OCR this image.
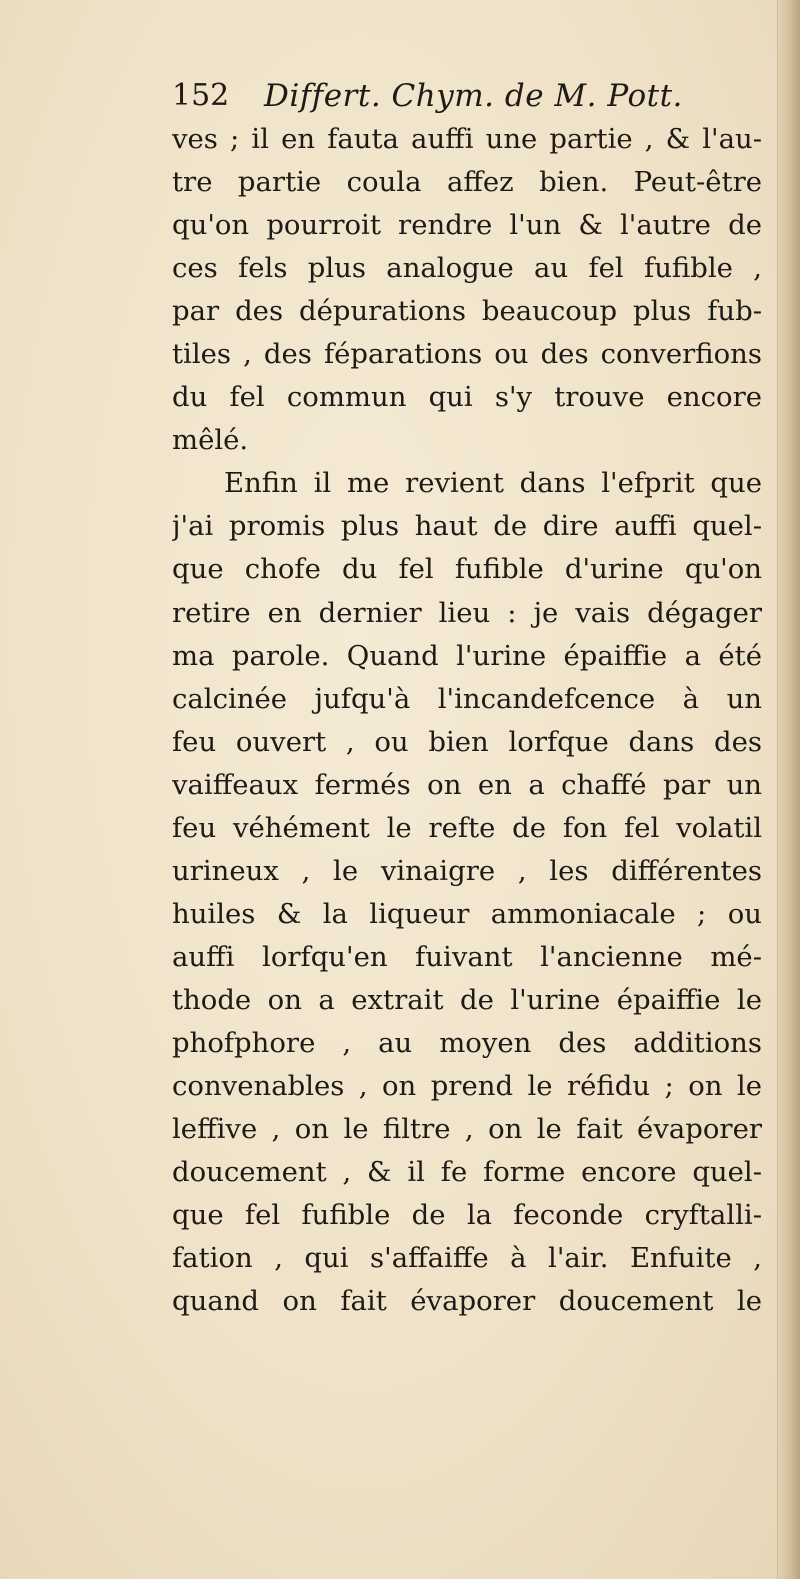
152 Differt. Chym. de M. Pott.
ves ; il en fauta auffi une partie , & l'au-
tre partie coula affez bien. Peut-être
qu'on pourroit rendre l'un & l'autre de
ces fels plus analogue au fel fufible ,
par des dépurations beaucoup plus fub-
tiles , des féparations ou des converfions
du fel commun qui s'y trouve encore
mêlé.
Enfin il me revient dans l'efprit que
j'ai promis plus haut de dire auffi quel-
que chofe du fel fufible d'urine qu'on
retire en dernier lieu : je vais dégager
ma parole. Quand l'urine épaiffie a été
calcinée jufqu'à l'incandefcence à un
feu ouvert , ou bien lorfque dans des
vaiffeaux fermés on en a chaffé par un
feu véhément le refte de fon fel volatil
urineux , le vinaigre , les différentes
huiles & la liqueur ammoniacale ; ou
auffi lorfqu'en fuivant l'ancienne mé-
thode on a extrait de l'urine épaiffie le
phofphore , au moyen des additions
convenables , on prend le réfidu ; on le
leffive , on le filtre , on le fait évaporer
doucement , & il fe forme encore quel-
que fel fufible de la feconde cryftalli-
fation , qui s'affaiffe à l'air. Enfuite ,
quand on fait évaporer doucement le
